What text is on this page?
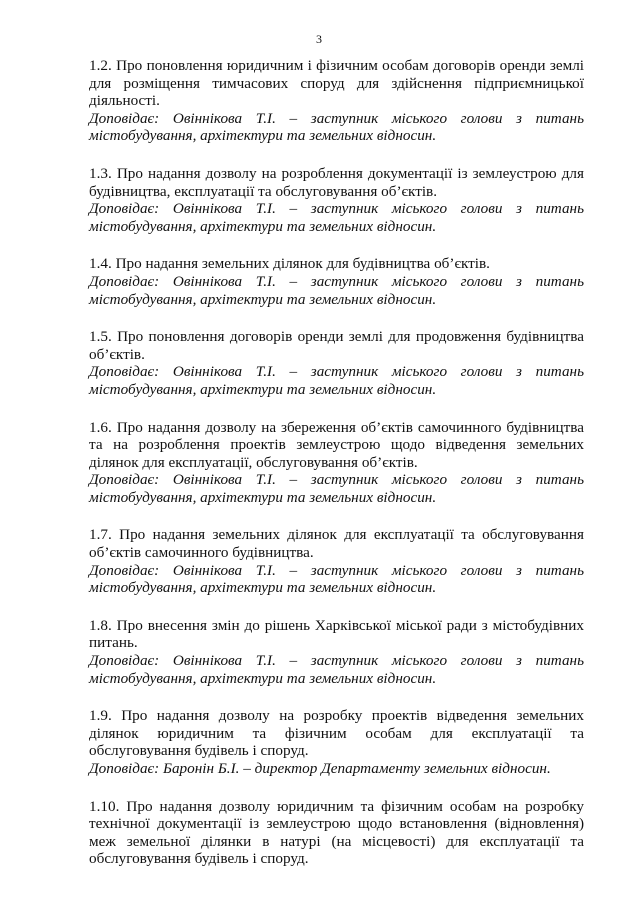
3

1.2. Про поновлення юридичним і фізичним особам договорів оренди землі для розміщення тимчасових споруд для здійснення підприємницької діяльності.

Доповідає: Овіннікова Т.І. – заступник міського голови з питань містобудування, архітектури та земельних відносин.

1.3. Про надання дозволу на розроблення документації із землеустрою для будівництва, експлуатації та обслуговування об’єктів.

Доповідає: Овіннікова Т.І. – заступник міського голови з питань містобудування, архітектури та земельних відносин.

1.4. Про надання земельних ділянок для будівництва об’єктів.

Доповідає: Овіннікова Т.І. – заступник міського голови з питань містобудування, архітектури та земельних відносин.

1.5. Про поновлення договорів оренди землі для продовження будівництва об’єктів.

Доповідає: Овіннікова Т.І. – заступник міського голови з питань містобудування, архітектури та земельних відносин.

1.6. Про надання дозволу на збереження об’єктів самочинного будівництва та на розроблення проектів землеустрою щодо відведення земельних ділянок для експлуатації, обслуговування об’єктів.

Доповідає: Овіннікова Т.І. – заступник міського голови з питань містобудування, архітектури та земельних відносин.

1.7. Про надання земельних ділянок для експлуатації та обслуговування об’єктів самочинного будівництва.

Доповідає: Овіннікова Т.І. – заступник міського голови з питань містобудування, архітектури та земельних відносин.

1.8. Про внесення змін до рішень Харківської міської ради з містобудівних питань.

Доповідає: Овіннікова Т.І. – заступник міського голови з питань містобудування, архітектури та земельних відносин.

1.9. Про надання дозволу на розробку проектів відведення земельних ділянок юридичним та фізичним особам для експлуатації та обслуговування будівель і споруд.

Доповідає: Баронін Б.І. – директор Департаменту земельних відносин.

1.10. Про надання дозволу юридичним та фізичним особам на розробку технічної документації із землеустрою щодо встановлення (відновлення) меж земельної ділянки в натурі (на місцевості) для експлуатації та обслуговування будівель і споруд.
